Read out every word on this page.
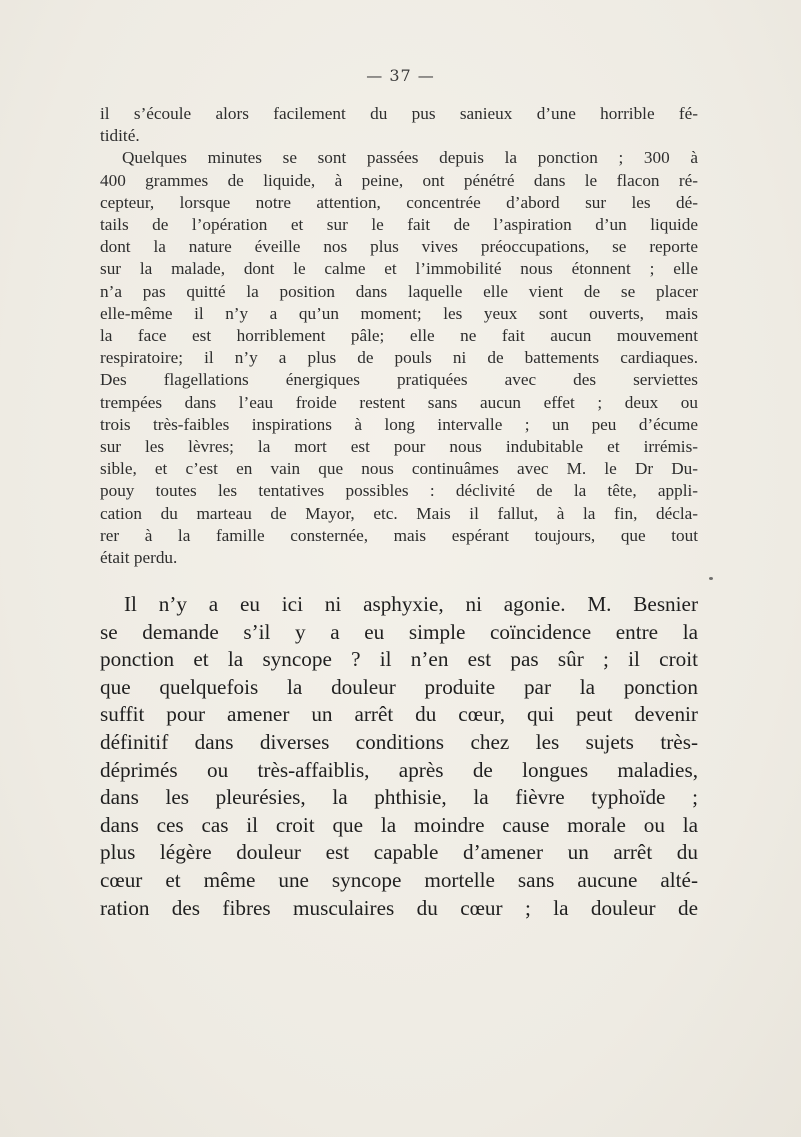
— 37 —
il s’écoule alors facilement du pus sanieux d’une horrible fé-
tidité.
Quelques minutes se sont passées depuis la ponction ; 300 à
400 grammes de liquide, à peine, ont pénétré dans le flacon ré-
cepteur, lorsque notre attention, concentrée d’abord sur les dé-
tails de l’opération et sur le fait de l’aspiration d’un liquide
dont la nature éveille nos plus vives préoccupations, se reporte
sur la malade, dont le calme et l’immobilité nous étonnent ; elle
n’a pas quitté la position dans laquelle elle vient de se placer
elle-même il n’y a qu’un moment; les yeux sont ouverts, mais
la face est horriblement pâle; elle ne fait aucun mouvement
respiratoire; il n’y a plus de pouls ni de battements cardiaques.
Des flagellations énergiques pratiquées avec des serviettes
trempées dans l’eau froide restent sans aucun effet ; deux ou
trois très-faibles inspirations à long intervalle ; un peu d’écume
sur les lèvres; la mort est pour nous indubitable et irrémis-
sible, et c’est en vain que nous continuâmes avec M. le Dr Du-
pouy toutes les tentatives possibles : déclivité de la tête, appli-
cation du marteau de Mayor, etc. Mais il fallut, à la fin, décla-
rer à la famille consternée, mais espérant toujours, que tout
était perdu.
Il n’y a eu ici ni asphyxie, ni agonie. M. Besnier
se demande s’il y a eu simple coïncidence entre la
ponction et la syncope ? il n’en est pas sûr ; il croit
que quelquefois la douleur produite par la ponction
suffit pour amener un arrêt du cœur, qui peut devenir
définitif dans diverses conditions chez les sujets très-
déprimés ou très-affaiblis, après de longues maladies,
dans les pleurésies, la phthisie, la fièvre typhoïde ;
dans ces cas il croit que la moindre cause morale ou la
plus légère douleur est capable d’amener un arrêt du
cœur et même une syncope mortelle sans aucune alté-
ration des fibres musculaires du cœur ; la douleur de
